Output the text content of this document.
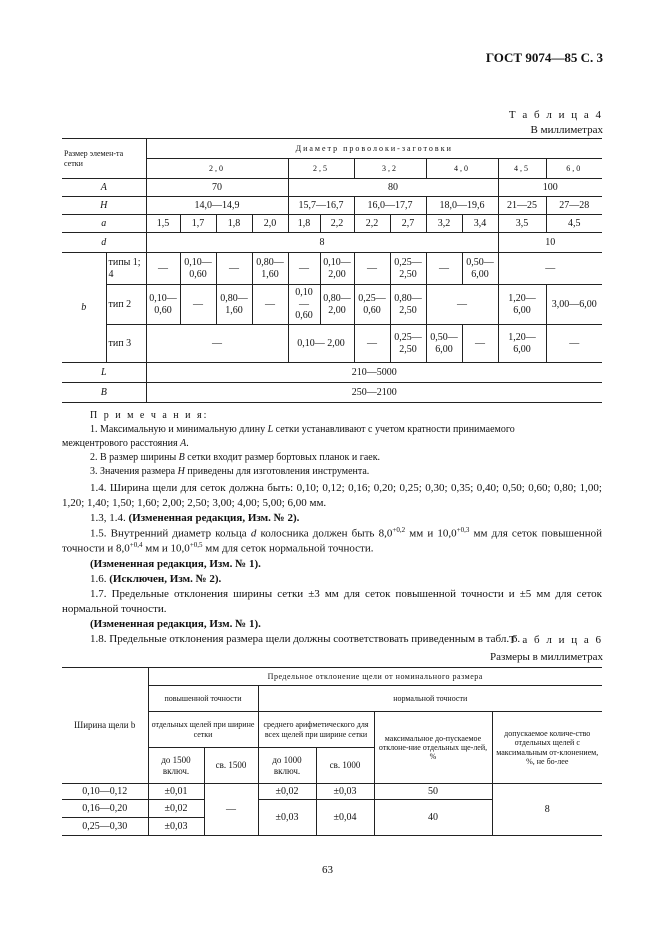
ГОСТ 9074—85 С. 3
Т а б л и ц а 4
В миллиметрах
Размер элемен-та сетки		Диаметр проволоки-заготовки											
		2,0				2,5		3,2		4,0		4,5	6,0
A		70				80						100	
H		14,0—14,9				15,7—16,7		16,0—17,7		18,0—19,6		21—25	27—28
a		1,5	1,7	1,8	2,0	1,8	2,2	2,2	2,7	3,2	3,4	3,5	4,5
d		8										10	
b	типы 1; 4	—	0,10— 0,60	—	0,80— 1,60	—	0,10— 2,00	—	0,25— 2,50	—	0,50— 6,00	—	
	тип 2	0,10— 0,60	—	0,80— 1,60	—	0,10— 0,60	0,80— 2,00	0,25— 0,60	0,80— 2,50	—		1,20—6,00	3,00—6,00
	тип 3	—				0,10— 2,00		—	0,25— 2,50	0,50— 6,00	—	1,20—6,00	—
L		210—5000											
B		250—2100											
П р и м е ч а н и я:
1. Максимальную и минимальную длину L сетки устанавливают с учетом кратности принимаемого
межцентрового расстояния A.
2. В размер ширины B сетки входит размер бортовых планок и гаек.
3. Значения размера H приведены для изготовления инструмента.

1.4. Ширина щели для сеток должна быть: 0,10; 0,12; 0,16; 0,20; 0,25; 0,30; 0,35; 0,40; 0,50; 0,60; 0,80; 1,00; 1,20; 1,40; 1,50; 1,60; 2,00; 2,50; 3,00; 4,00; 5,00; 6,00 мм.

1.3, 1.4. (Измененная редакция, Изм. № 2).

1.5. Внутренний диаметр кольца d колосника должен быть $8,0^{+0,2}$ мм и $10,0^{+0,3}$ мм для сеток повышенной точности и $8,0^{+0,4}$ мм и $10,0^{+0,5}$ мм для сеток нормальной точности.

(Измененная редакция, Изм. № 1).

1.6. (Исключен, Изм. № 2).

1.7. Предельные отклонения ширины сетки ±3 мм для сеток повышенной точности и ±5 мм для сеток нормальной точности.

(Измененная редакция, Изм. № 1).

1.8. Предельные отклонения размера щели должны соответствовать приведенным в табл. 6.

Т а б л и ц а 6
Размеры в миллиметрах
Ширина щели b	Предельное отклонение щели от номинального размера					
	повышенной точности		нормальной точности			
	отдельных щелей при ширине сетки		среднего арифметического для всех щелей при ширине сетки		максимальное до-пускаемое отклоне-ние отдельных ще-лей, %	допускаемое количе-ство отдельных щелей с максимальным от-клонением, %, не бо-лее
	до 1500 включ.	св. 1500	до 1000 включ.	св. 1000		
0,10—0,12	±0,01	—	±0,02	±0,03	50	8
0,16—0,20	±0,02		±0,03	±0,04	40	
0,25—0,30	±0,03					
63
